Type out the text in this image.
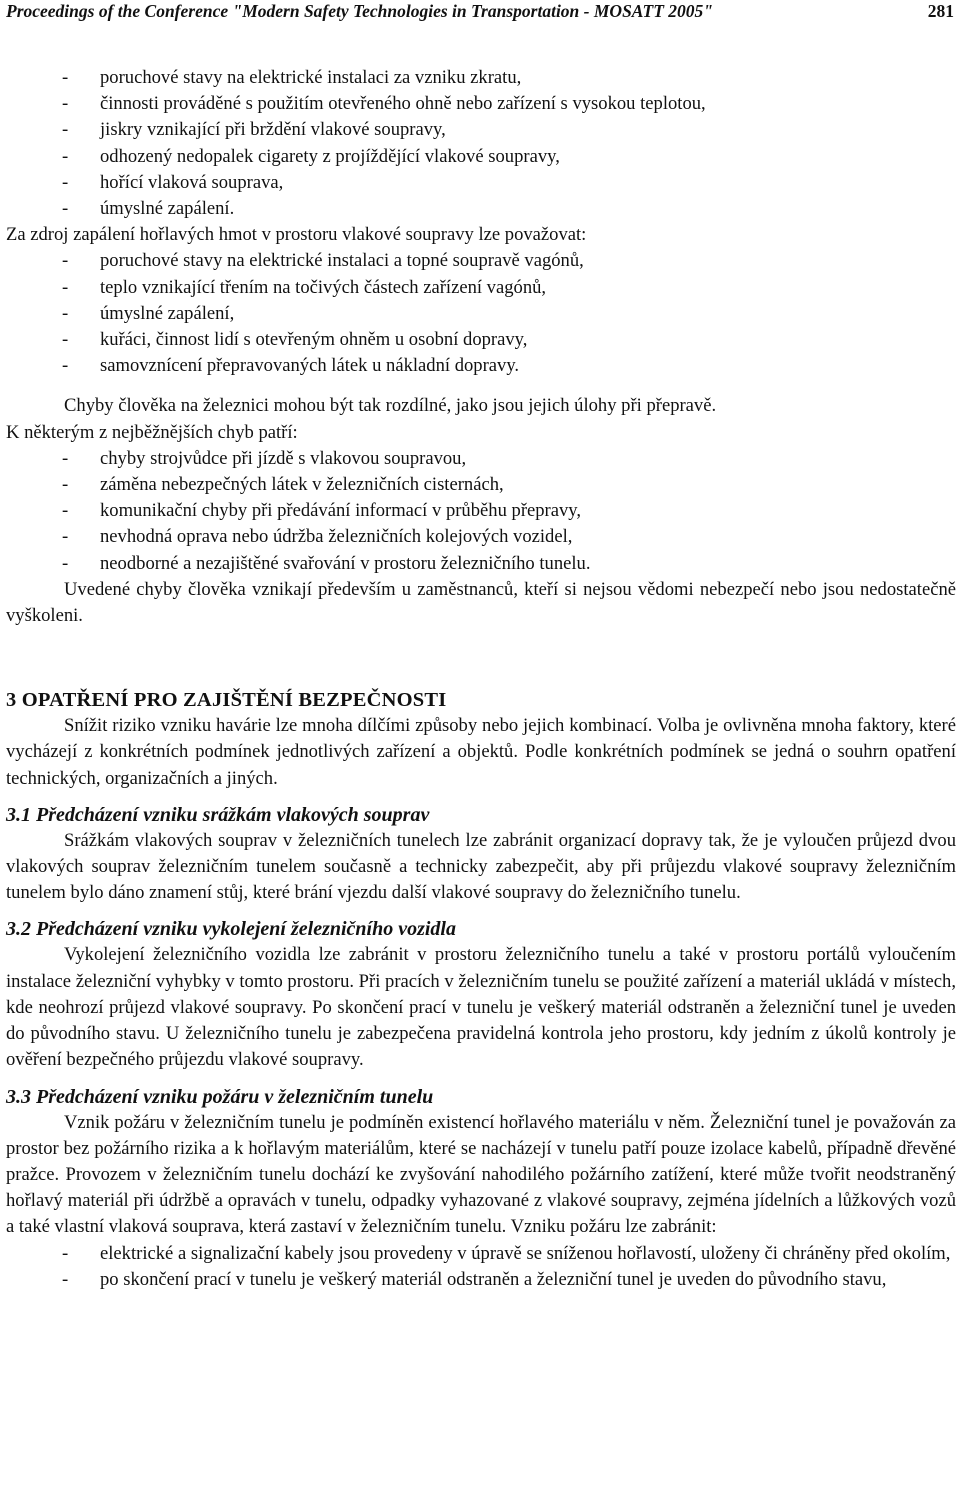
Proceedings of the Conference "Modern Safety Technologies in Transportation - MOSATT 2005"	281
- poruchové stavy na elektrické instalaci za vzniku zkratu,
- činnosti prováděné s použitím otevřeného ohně nebo zařízení s vysokou teplotou,
- jiskry vznikající při brždění vlakové soupravy,
- odhozený nedopalek cigarety z projíždějící vlakové soupravy,
- hořící vlaková souprava,
- úmyslné zapálení.

Za zdroj zapálení hořlavých hmot v prostoru vlakové soupravy lze považovat:

- poruchové stavy na elektrické instalaci a topné soupravě vagónů,
- teplo vznikající třením na točivých částech zařízení vagónů,
- úmyslné zapálení,
- kuřáci, činnost lidí s otevřeným ohněm u osobní dopravy,
- samovznícení přepravovaných látek u nákladní dopravy.

Chyby člověka na železnici mohou být tak rozdílné, jako jsou jejich úlohy při přepravě.

K některým z nejběžnějších chyb patří:

- chyby strojvůdce při jízdě s vlakovou soupravou,
- záměna nebezpečných látek v železničních cisternách,
- komunikační chyby při předávání informací v průběhu přepravy,
- nevhodná oprava nebo údržba železničních kolejových vozidel,
- neodborné a nezajištěné svařování v prostoru železničního tunelu.

Uvedené chyby člověka vznikají především u zaměstnanců, kteří si nejsou vědomi nebezpečí nebo jsou nedostatečně vyškoleni.

3 OPATŘENÍ PRO ZAJIŠTĚNÍ BEZPEČNOSTI

Snížit riziko vzniku havárie lze mnoha dílčími způsoby nebo jejich kombinací. Volba je ovlivněna mnoha faktory, které vycházejí z konkrétních podmínek jednotlivých zařízení a objektů. Podle konkrétních podmínek se jedná o souhrn opatření technických, organizačních a jiných.

3.1 Předcházení vzniku srážkám vlakových souprav

Srážkám vlakových souprav v železničních tunelech lze zabránit organizací dopravy tak, že je vyloučen průjezd dvou vlakových souprav železničním tunelem současně a technicky zabezpečit, aby při průjezdu vlakové soupravy železničním tunelem bylo dáno znamení stůj, které brání vjezdu další vlakové soupravy do železničního tunelu.

3.2 Předcházení vzniku vykolejení železničního vozidla

Vykolejení železničního vozidla lze zabránit v prostoru železničního tunelu a také v prostoru portálů vyloučením instalace železniční vyhybky v tomto prostoru. Při pracích v železničním tunelu se použité zařízení a materiál ukládá v místech, kde neohrozí průjezd vlakové soupravy. Po skončení prací v tunelu je veškerý materiál odstraněn a železniční tunel je uveden do původního stavu. U železničního tunelu je zabezpečena pravidelná kontrola jeho prostoru, kdy jedním z úkolů kontroly je ověření bezpečného průjezdu vlakové soupravy.

3.3 Předcházení vzniku požáru v železničním tunelu

Vznik požáru v železničním tunelu je podmíněn existencí hořlavého materiálu v něm. Železniční tunel je považován za prostor bez požárního rizika a k hořlavým materiálům, které se nacházejí v tunelu patří pouze izolace kabelů, případně dřevěné pražce. Provozem v železničním tunelu dochází ke zvyšování nahodilého požárního zatížení, které může tvořit neodstraněný hořlavý materiál při údržbě a opravách v tunelu, odpadky vyhazované z vlakové soupravy, zejména jídelních a lůžkových vozů a také vlastní vlaková souprava, která zastaví v železničním tunelu. Vzniku požáru lze zabránit:

- elektrické a signalizační kabely jsou provedeny v úpravě se sníženou hořlavostí, uloženy či chráněny před okolím,
- po skončení prací v tunelu je veškerý materiál odstraněn a železniční tunel je uveden do původního stavu,
